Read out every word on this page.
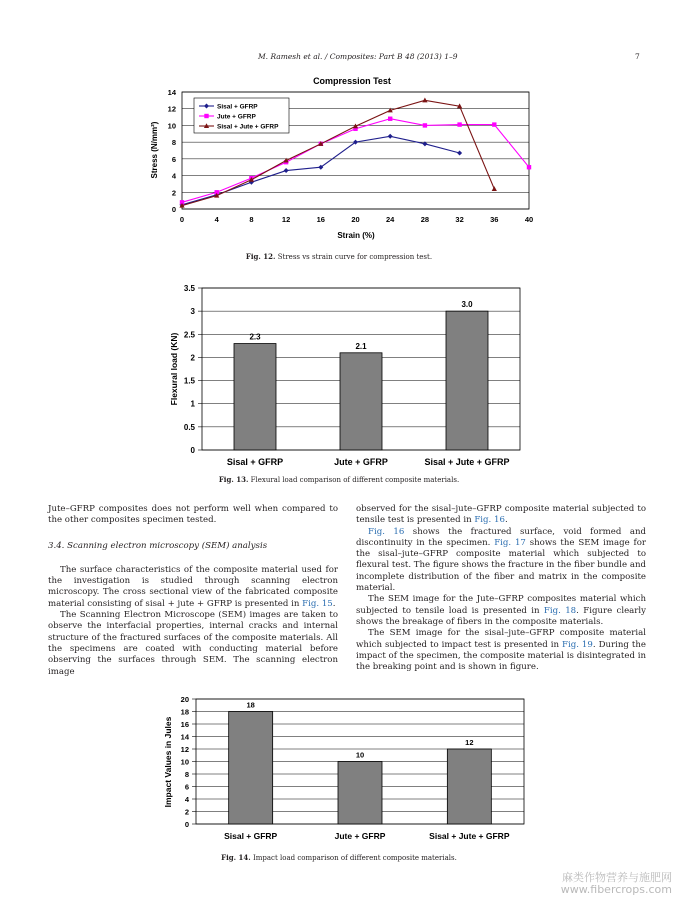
M. Ramesh et al. / Composites: Part B 48 (2013) 1–9	7
Compression Test
0
2
4
6
8
10
12
14
0	4	8	12	16	20	24	28	32	36	40
Strain (%)
Stress (N/mm²)
Sisal + GFRP
Jute + GFRP
Sisal + Jute + GFRP
Fig. 12. Stress vs strain curve for compression test.
0
0.5
1
1.5
2
2.5
3
3.5
2.3
2.1
3.0
Sisal + GFRP	Jute + GFRP	Sisal + Jute + GFRP
Flexural load (KN)
Fig. 13. Flexural load comparison of different composite materials.

Jute–GFRP composites does not perform well when compared to the other composites specimen tested.

3.4. Scanning electron microscopy (SEM) analysis

The surface characteristics of the composite material used for the investigation is studied through scanning electron microscopy. The cross sectional view of the fabricated composite material consisting of sisal + jute + GFRP is presented in Fig. 15.

The Scanning Electron Microscope (SEM) images are taken to observe the interfacial properties, internal cracks and internal structure of the fractured surfaces of the composite materials. All the specimens are coated with conducting material before observing the surfaces through SEM. The scanning electron image

observed for the sisal–jute–GFRP composite material subjected to tensile test is presented in Fig. 16.

Fig. 16 shows the fractured surface, void formed and discontinuity in the specimen. Fig. 17 shows the SEM image for the sisal–jute–GFRP composite material which subjected to flexural test. The figure shows the fracture in the fiber bundle and incomplete distribution of the fiber and matrix in the composite material.

The SEM image for the Jute–GFRP composites material which subjected to tensile load is presented in Fig. 18. Figure clearly shows the breakage of fibers in the composite materials.

The SEM image for the sisal–jute–GFRP composite material which subjected to impact test is presented in Fig. 19. During the impact of the specimen, the composite material is disintegrated in the breaking point and is shown in figure.

0
2
4
6
8
10
12
14
16
18
20
18
10
12
Sisal + GFRP	Jute + GFRP	Sisal + Jute + GFRP
Impact Values in Jules
Fig. 14. Impact load comparison of different composite materials.
麻类作物营养与施肥网
www.fibercrops.com
